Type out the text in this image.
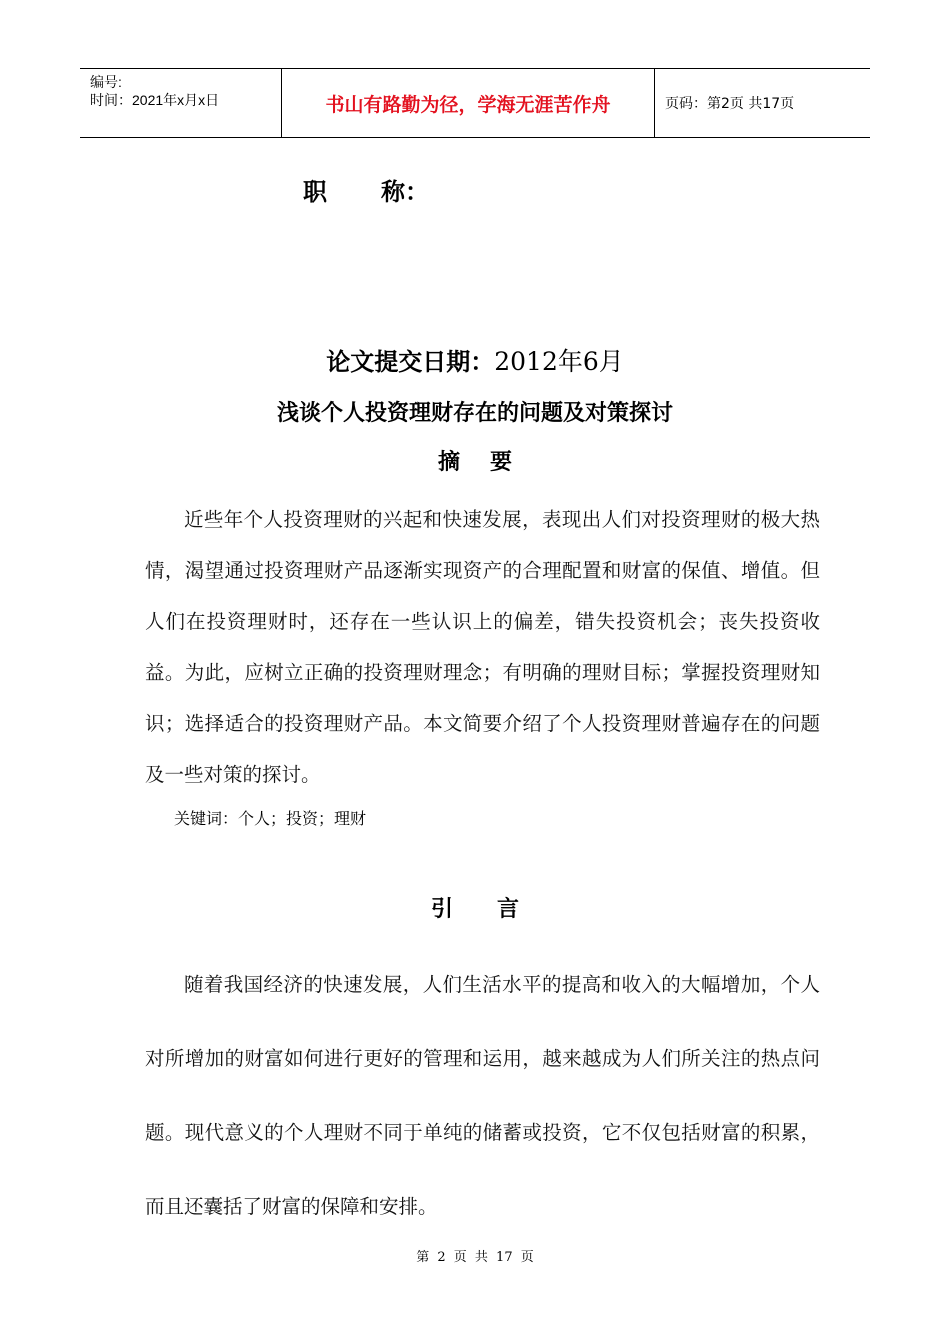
编号:
时间：2021年x月x日	书山有路勤为径，学海无涯苦作舟	页码：第2页 共17页
职 称：
论文提交日期：2012年6月
浅谈个人投资理财存在的问题及对策探讨
摘要
近些年个人投资理财的兴起和快速发展，表现出人们对投资理财的极大热情，渴望通过投资理财产品逐渐实现资产的合理配置和财富的保值、增值。但人们在投资理财时，还存在一些认识上的偏差，错失投资机会；丧失投资收益。为此，应树立正确的投资理财理念；有明确的理财目标；掌握投资理财知识；选择适合的投资理财产品。本文简要介绍了个人投资理财普遍存在的问题及一些对策的探讨。
关键词：个人；投资；理财
引言
随着我国经济的快速发展，人们生活水平的提高和收入的大幅增加，个人对所增加的财富如何进行更好的管理和运用，越来越成为人们所关注的热点问题。现代意义的个人理财不同于单纯的储蓄或投资，它不仅包括财富的积累，而且还囊括了财富的保障和安排。
第 2 页 共 17 页
